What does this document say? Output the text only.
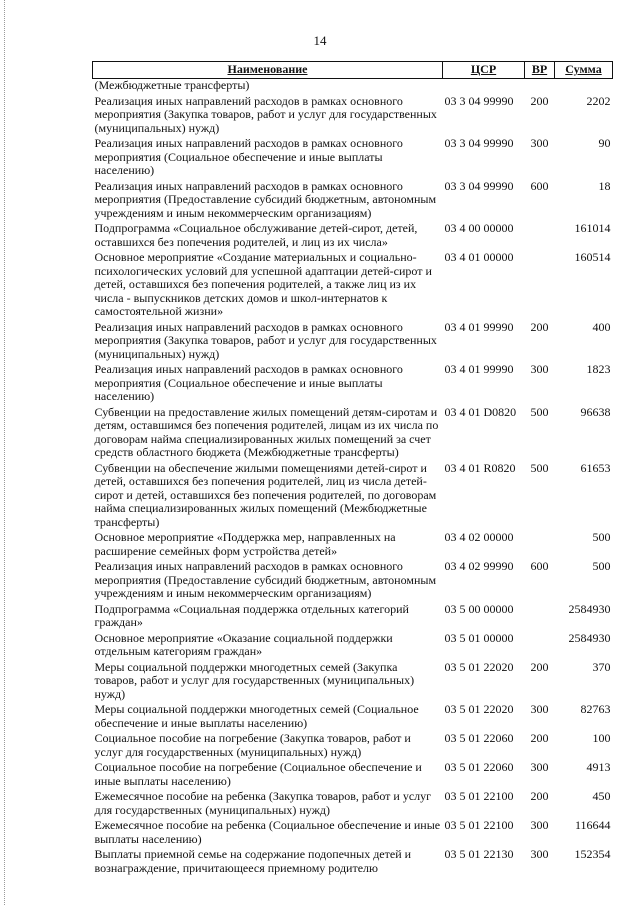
14
Наименование	ЦСР	ВР	Сумма
(Межбюджетные трансферты)			
Реализация иных направлений расходов в рамках основного мероприятия (Закупка товаров, работ и услуг для государственных (муниципальных) нужд)	03 3 04 99990	200	2202
Реализация иных направлений расходов в рамках основного мероприятия (Социальное обеспечение и иные выплаты населению)	03 3 04 99990	300	90
Реализация иных направлений расходов в рамках основного мероприятия (Предоставление субсидий бюджетным, автономным учреждениям и иным некоммерческим организациям)	03 3 04 99990	600	18
Подпрограмма «Социальное обслуживание детей-сирот, детей, оставшихся без попечения родителей, и лиц из их числа»	03 4 00 00000		161014
Основное мероприятие «Создание материальных и социально-психологических условий для успешной адаптации детей-сирот и детей, оставшихся без попечения родителей, а также лиц из их числа - выпускников детских домов и школ-интернатов к самостоятельной жизни»	03 4 01 00000		160514
Реализация иных направлений расходов в рамках основного мероприятия (Закупка товаров, работ и услуг для государственных (муниципальных) нужд)	03 4 01 99990	200	400
Реализация иных направлений расходов в рамках основного мероприятия (Социальное обеспечение и иные выплаты населению)	03 4 01 99990	300	1823
Субвенции на предоставление жилых помещений детям-сиротам и детям, оставшимся без попечения родителей, лицам из их числа по договорам найма специализированных жилых помещений за счет средств областного бюджета (Межбюджетные трансферты)	03 4 01 D0820	500	96638
Субвенции на обеспечение жилыми помещениями детей-сирот и детей, оставшихся без попечения родителей, лиц из числа детей-сирот и детей, оставшихся без попечения родителей, по договорам найма специализированных жилых помещений (Межбюджетные трансферты)	03 4 01 R0820	500	61653
Основное мероприятие «Поддержка мер, направленных на расширение семейных форм устройства детей»	03 4 02 00000		500
Реализация иных направлений расходов в рамках основного мероприятия (Предоставление субсидий бюджетным, автономным учреждениям и иным некоммерческим организациям)	03 4 02 99990	600	500
Подпрограмма «Социальная поддержка отдельных категорий граждан»	03 5 00 00000		2584930
Основное мероприятие «Оказание социальной поддержки отдельным категориям граждан»	03 5 01 00000		2584930
Меры социальной поддержки многодетных семей (Закупка товаров, работ и услуг для государственных (муниципальных) нужд)	03 5 01 22020	200	370
Меры социальной поддержки многодетных семей (Социальное обеспечение и иные выплаты населению)	03 5 01 22020	300	82763
Социальное пособие на погребение (Закупка товаров, работ и услуг для государственных (муниципальных) нужд)	03 5 01 22060	200	100
Социальное пособие на погребение (Социальное обеспечение и иные выплаты населению)	03 5 01 22060	300	4913
Ежемесячное пособие на ребенка (Закупка товаров, работ и услуг для государственных (муниципальных) нужд)	03 5 01 22100	200	450
Ежемесячное пособие на ребенка (Социальное обеспечение и иные выплаты населению)	03 5 01 22100	300	116644
Выплаты приемной семье на содержание подопечных детей и вознаграждение, причитающееся приемному родителю	03 5 01 22130	300	152354
